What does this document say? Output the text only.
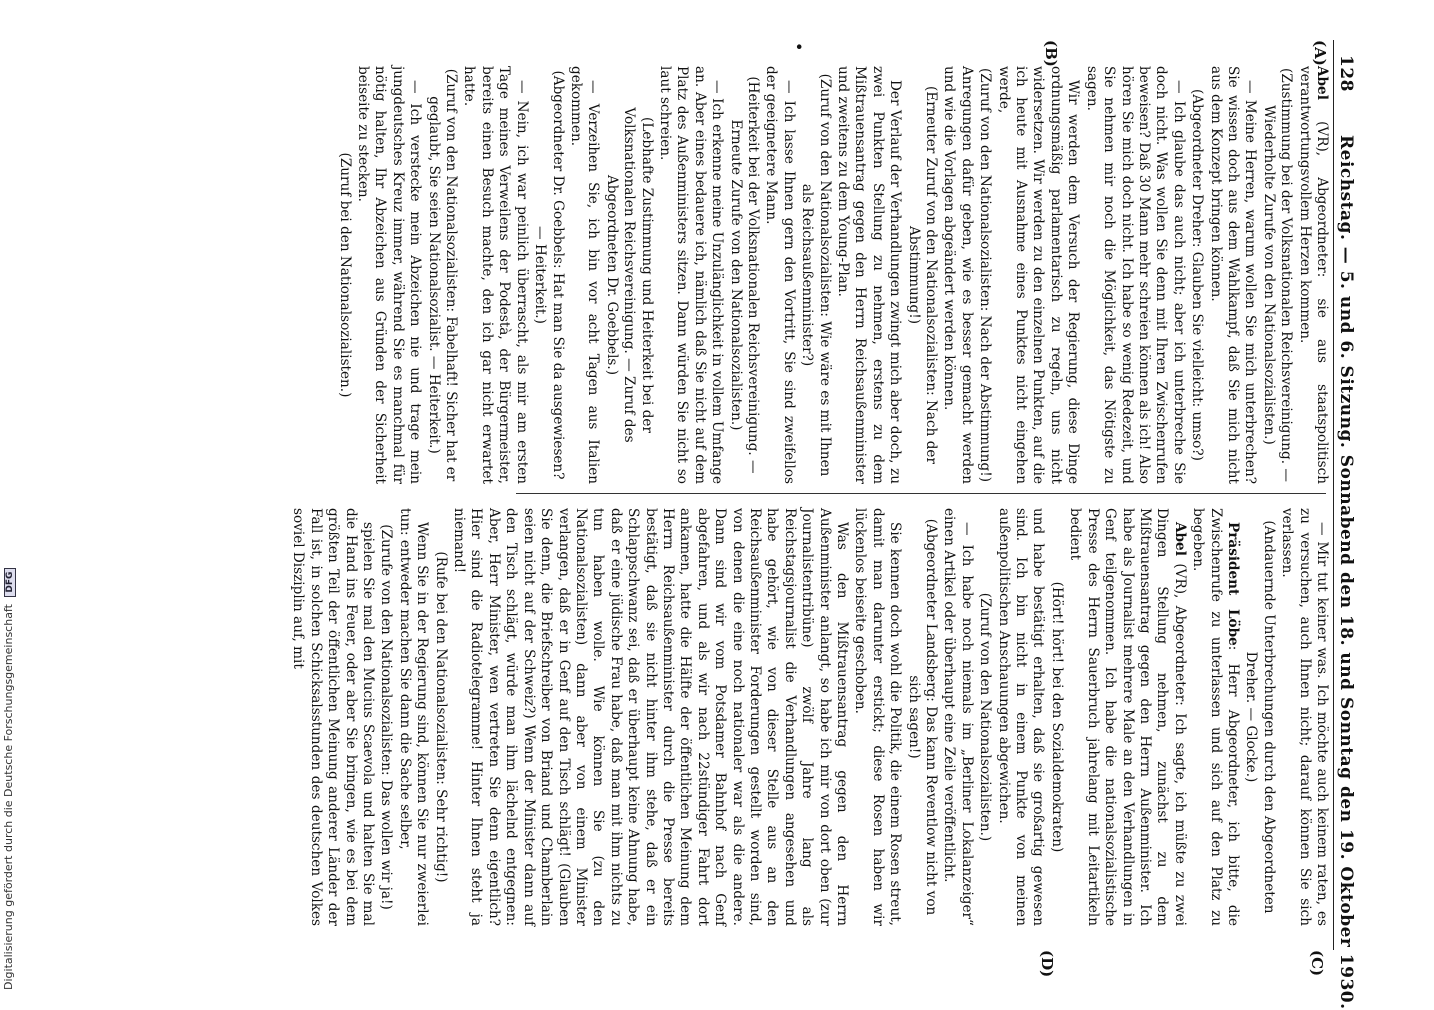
128
Reichstag. — 5. und 6. Sitzung. Sonnabend den 18. und Sonntag den 19. Oktober 1930.
(A)
(B)
(C)
(D)
•

Abel (VR), Abgeordneter: sie aus staatspolitisch verantwortungsvollem Herzen kommen.

(Zustimmung bei der Volksnationalen Reichsvereinigung. — Wiederholte Zurufe von den Nationalsozialisten.)

— Meine Herren, warum wollen Sie mich unterbrechen? Sie wissen doch aus dem Wahlkampf, daß Sie mich nicht aus dem Konzept bringen können.

(Abgeordneter Dreher: Glauben Sie vielleicht: umso?)

— Ich glaube das auch nicht; aber ich unterbreche Sie doch nicht. Was wollen Sie denn mit Ihren Zwischenrufen beweisen? Daß 30 Mann mehr schreien können als ich! Also hören Sie mich doch nicht. Ich habe so wenig Redezeit, und Sie nehmen mir noch die Möglichkeit, das Nötigste zu sagen.

Wir werden dem Versuch der Regierung, diese Dinge ordnungsmäßig parlamentarisch zu regeln, uns nicht widersetzen. Wir werden zu den einzelnen Punkten, auf die ich heute mit Ausnahme eines Punktes nicht eingehen werde,

(Zuruf von den Nationalsozialisten: Nach der Abstimmung!)

Anregungen dafür geben, wie es besser gemacht werden und wie die Vorlagen abgeändert werden können.

(Erneuter Zuruf von den Nationalsozialisten: Nach der Abstimmung!)

Der Verlauf der Verhandlungen zwingt mich aber doch, zu zwei Punkten Stellung zu nehmen, erstens zu dem Mißtrauensantrag gegen den Herrn Reichsaußenminister und zweitens zu dem Young-Plan.

(Zuruf von den Nationalsozialisten: Wie wäre es mit Ihnen als Reichsaußenminister?)

— Ich lasse Ihnen gern den Vortritt, Sie sind zweifellos der geeignetere Mann.

(Heiterkeit bei der Volksnationalen Reichsvereinigung. — Erneute Zurufe von den Nationalsozialisten.)

— Ich erkenne meine Unzulänglichkeit in vollem Umfange an. Aber eines bedauere ich, nämlich daß Sie nicht auf dem Platz des Außenministers sitzen. Dann würden Sie nicht so laut schreien.

(Lebhafte Zustimmung und Heiterkeit bei der Volksnationalen Reichsvereinigung. — Zuruf des Abgeordneten Dr. Goebbels.)

— Verzeihen Sie, ich bin vor acht Tagen aus Italien gekommen.

(Abgeordneter Dr. Goebbels: Hat man Sie da ausgewiesen? — Heiterkeit.)

— Nein, ich war peinlich überrascht, als mir am ersten Tage meines Verweilens der Podestà, der Bürgermeister, bereits einen Besuch machte, den ich gar nicht erwartet hatte.

(Zuruf von den Nationalsozialisten: Fabelhaft! Sicher hat er geglaubt, Sie seien Nationalsozialist. — Heiterkeit.)

— Ich verstecke mein Abzeichen nie und trage mein jungdeutsches Kreuz immer, während Sie es manchmal für nötig halten, Ihr Abzeichen aus Gründen der Sicherheit beiseite zu stecken.

(Zuruf bei den Nationalsozialisten.)

— Mir tut keiner was. Ich möchte auch keinem raten, es zu versuchen, auch Ihnen nicht; darauf können Sie sich verlassen.

(Andauernde Unterbrechungen durch den Abgeordneten Dreher. — Glocke.)

Präsident Löbe: Herr Abgeordneter, ich bitte, die Zwischenrufe zu unterlassen und sich auf den Platz zu begeben.

Abel (VR), Abgeordneter: Ich sagte, ich müßte zu zwei Dingen Stellung nehmen, zunächst zu dem Mißtrauensantrag gegen den Herrn Außenminister. Ich habe als Journalist mehrere Male an den Verhandlungen in Genf teilgenommen. Ich habe die nationalsozialistische Presse des Herrn Sauerbruch jahrelang mit Leitartikeln bedient

(Hört! hört! bei den Sozialdemokraten)

und habe bestätigt erhalten, daß sie großartig gewesen sind. Ich bin nicht in einem Punkte von meinen außenpolitischen Anschauungen abgewichen.

(Zuruf von den Nationalsozialisten.)

— Ich habe noch niemals im „Berliner Lokalanzeiger“ einen Artikel oder überhaupt eine Zeile veröffentlicht.

(Abgeordneter Landsberg: Das kann Reventlow nicht von sich sagen!)

Sie kennen doch wohl die Politik, die einem Rosen streut, damit man darunter erstickt; diese Rosen haben wir lückenlos beiseite geschoben.

Was den Mißtrauensantrag gegen den Herrn Außenminister anlangt, so habe ich mir von dort oben (zur Journalistentribüne) zwölf Jahre lang als Reichstagsjournalist die Verhandlungen angesehen und habe gehört, wie von dieser Stelle aus an den Reichsaußenminister Forderungen gestellt worden sind, von denen die eine noch nationaler war als die andere. Dann sind wir vom Potsdamer Bahnhof nach Genf abgefahren, und als wir nach 22stündiger Fahrt dort ankamen, hatte die Hälfte der öffentlichen Meinung dem Herrn Reichsaußenminister durch die Presse bereits bestätigt, daß sie nicht hinter ihm stehe, daß er ein Schlappschwanz sei, daß er überhaupt keine Ahnung habe, daß er eine jüdische Frau habe, daß man mit ihm nichts zu tun haben wolle. Wie können Sie (zu den Nationalsozialisten) dann aber von einem Minister verlangen, daß er in Genf auf den Tisch schlägt! (Glauben Sie denn, die Briefschreiber von Briand und Chamberlain seien nicht auf der Schweiz?) Wenn der Minister dann auf den Tisch schlägt, würde man ihm lächelnd entgegnen: Aber, Herr Minister, wen vertreten Sie denn eigentlich? Hier sind die Radiotelegramme! Hinter Ihnen steht ja niemand!

(Rufe bei den Nationalsozialisten: Sehr richtig!)

Wenn Sie in der Regierung sind, können Sie nur zweierlei tun: entweder machen Sie dann die Sache selber,

(Zurufe von den Nationalsozialisten: Das wollen wir ja!)

spielen Sie mal den Mucius Scaevola und halten Sie mal die Hand ins Feuer, oder aber Sie bringen, wie es bei dem größten Teil der öffentlichen Meinung anderer Länder der Fall ist, in solchen Schicksalsstunden des deutschen Volkes soviel Disziplin auf, mit

Digitalisierung gefördert durch die Deutsche Forschungsgemeinschaft DFG
